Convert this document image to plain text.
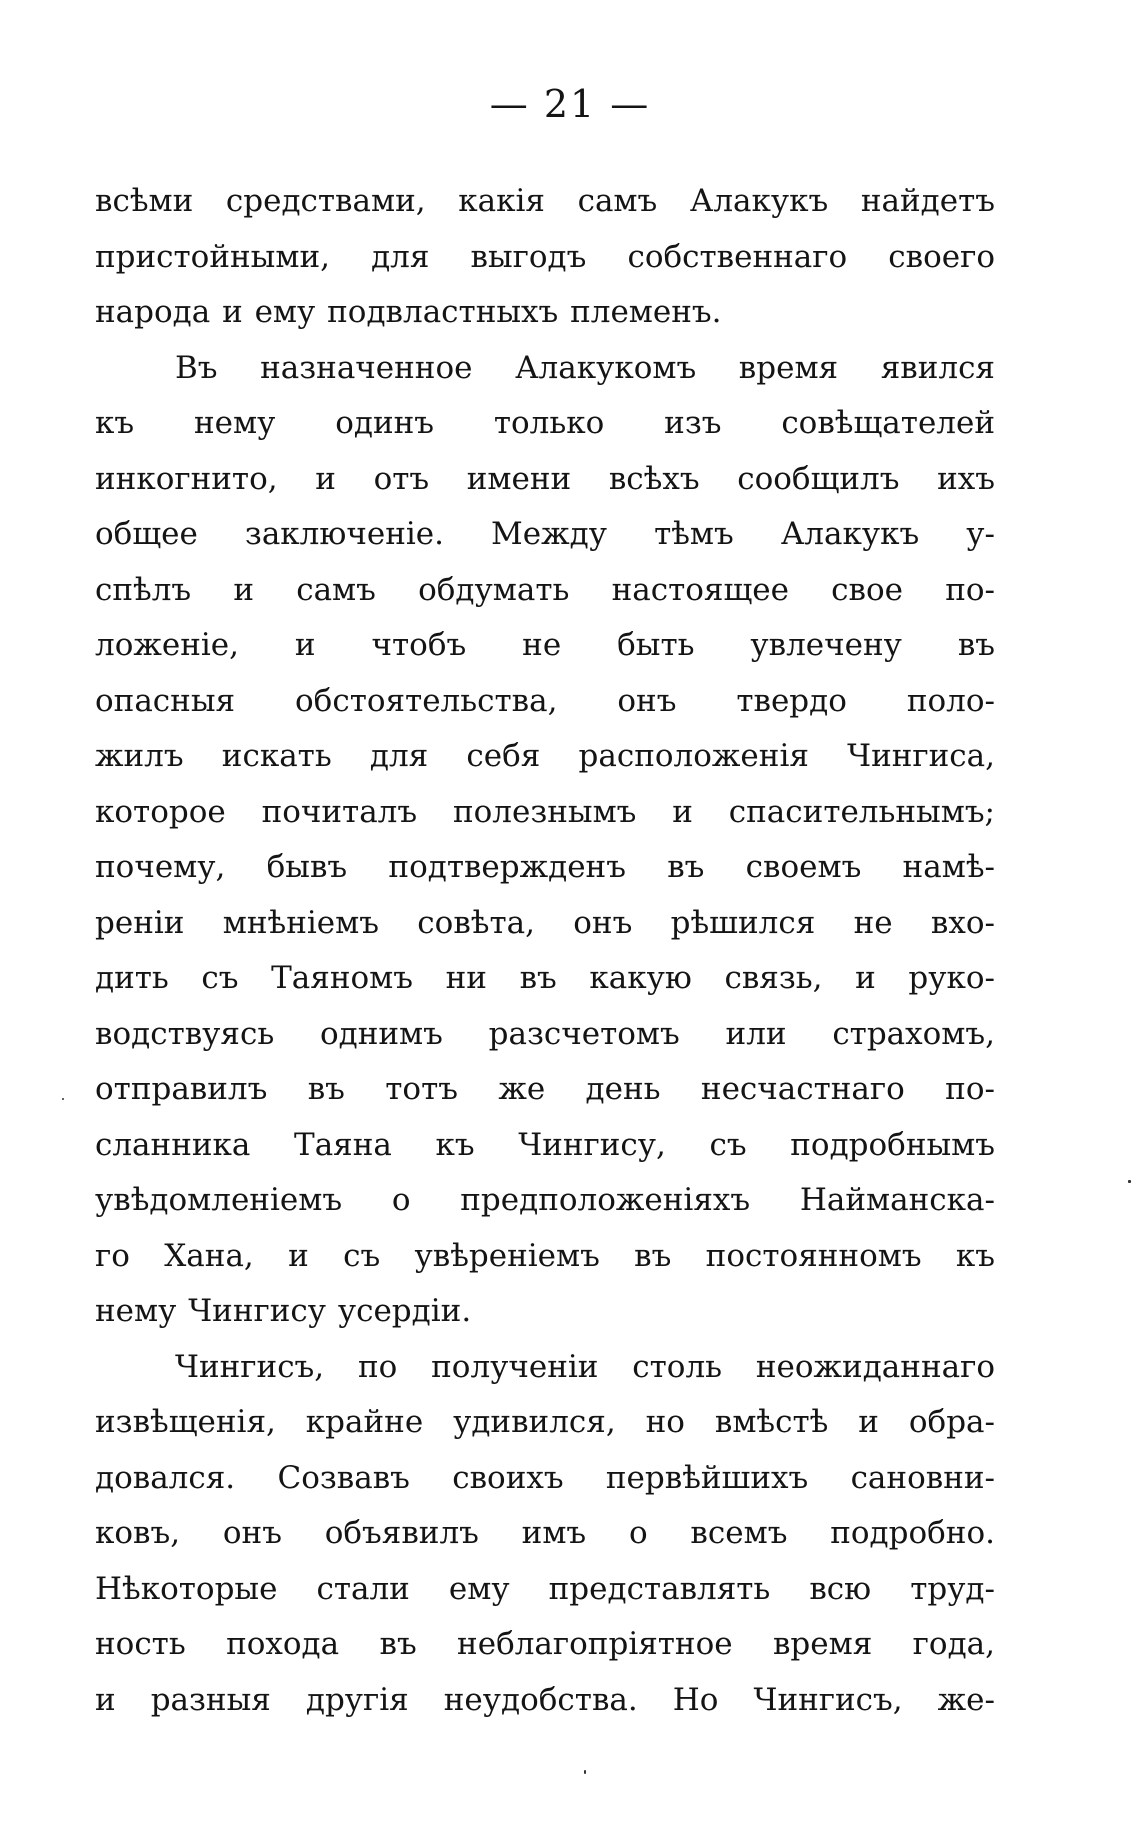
— 21 —
всѣми средствами, какія самъ Алакукъ найдетъ
пристойными, для выгодъ собственнаго своего
народа и ему подвластныхъ племенъ.
Въ назначенное Алакукомъ время явился
къ нему одинъ только изъ совѣщателей
инкогнито, и отъ имени всѣхъ сообщилъ ихъ
общее заключеніе. Между тѣмъ Алакукъ у-
спѣлъ и самъ обдумать настоящее свое по-
ложеніе, и чтобъ не быть увлечену въ
опасныя обстоятельства, онъ твердо поло-
жилъ искать для себя расположенія Чингиса,
которое почиталъ полезнымъ и спасительнымъ;
почему, бывъ подтвержденъ въ своемъ намѣ-
реніи мнѣніемъ совѣта, онъ рѣшился не вхо-
дить съ Таяномъ ни въ какую связь, и руко-
водствуясь однимъ разсчетомъ или страхомъ,
отправилъ въ тотъ же день несчастнаго по-
сланника Таяна къ Чингису, съ подробнымъ
увѣдомленіемъ о предположеніяхъ Найманска-
го Хана, и съ увѣреніемъ въ постоянномъ къ
нему Чингису усердіи.
Чингисъ, по полученіи столь неожиданнаго
извѣщенія, крайне удивился, но вмѣстѣ и обра-
довался. Созвавъ своихъ первѣйшихъ сановни-
ковъ, онъ объявилъ имъ о всемъ подробно.
Нѣкоторые стали ему представлять всю труд-
ность похода въ неблагопріятное время года,
и разныя другія неудобства. Но Чингисъ, же-
